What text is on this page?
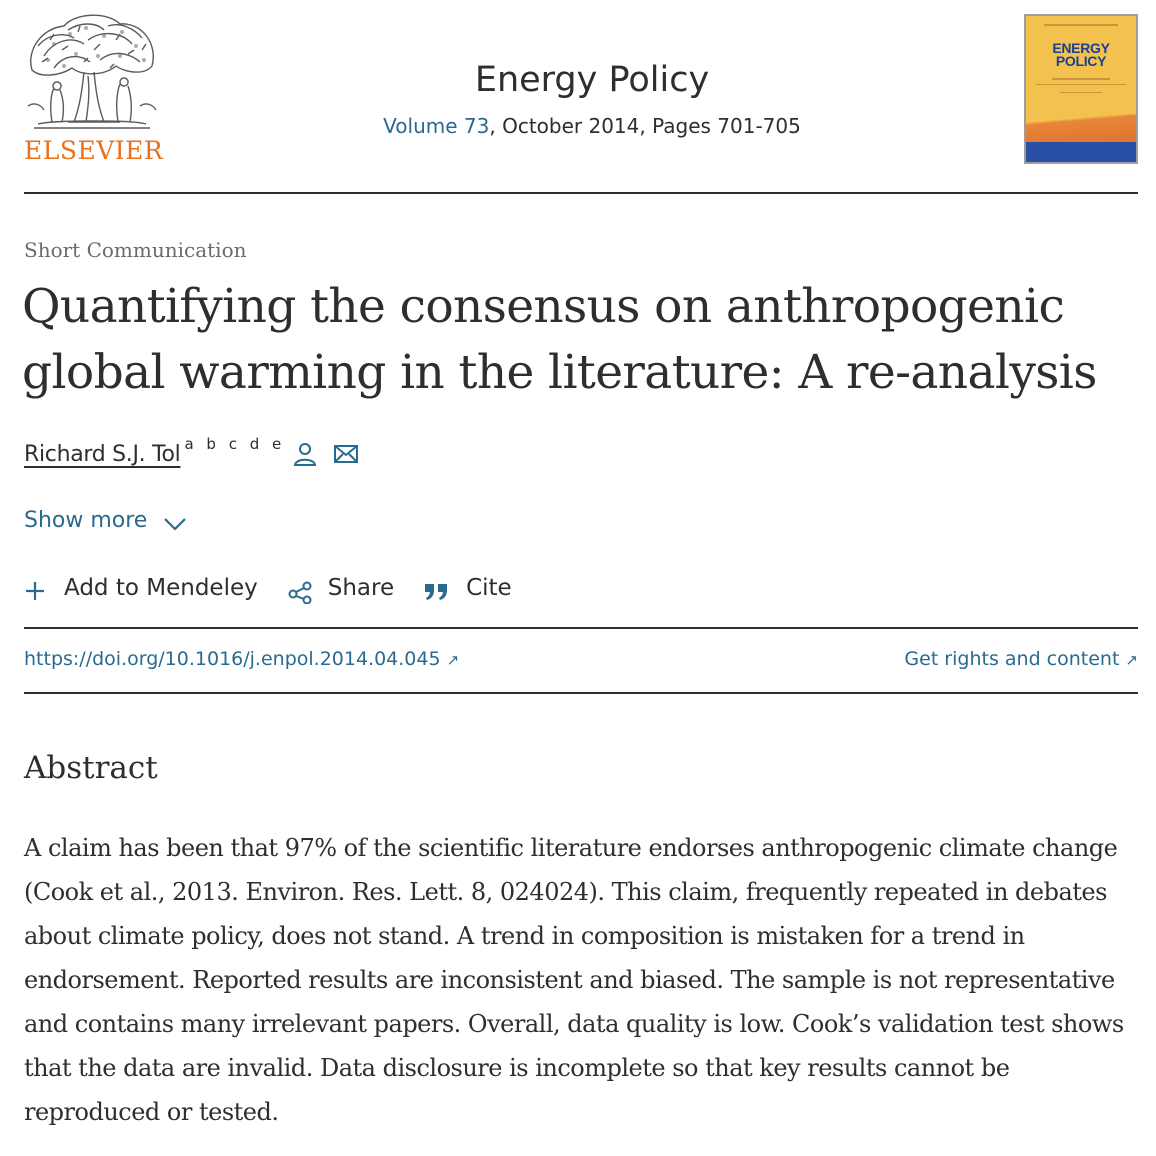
ELSEVIER
Energy Policy
Volume 73, October 2014, Pages 701-705
ENERGY
POLICY
Short Communication
Quantifying the consensus on anthropogenic global warming in the literature: A re-analysis
Richard S.J. Tol a b c d e
Show more
Add to Mendeley	Share	Cite
https://doi.org/10.1016/j.enpol.2014.04.045 ↗	Get rights and content ↗
Abstract

A claim has been that 97% of the scientific literature endorses anthropogenic climate change (Cook et al., 2013. Environ. Res. Lett. 8, 024024). This claim, frequently repeated in debates about climate policy, does not stand. A trend in composition is mistaken for a trend in endorsement. Reported results are inconsistent and biased. The sample is not representative and contains many irrelevant papers. Overall, data quality is low. Cook’s validation test shows that the data are invalid. Data disclosure is incomplete so that key results cannot be reproduced or tested.
